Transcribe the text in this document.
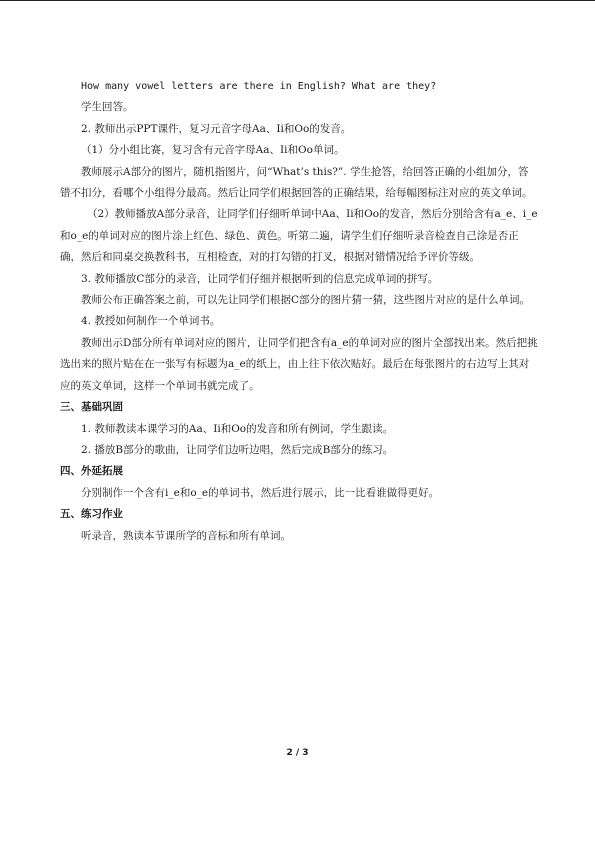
How many vowel letters are there in English? What are they?

学生回答。

2. 教师出示PPT课件，复习元音字母Aa、Ii和Oo的发音。

（1）分小组比赛，复习含有元音字母Aa、Ii和Oo单词。

教师展示A部分的图片，随机指图片，问“What’s this?”. 学生抢答，给回答正确的小组加分，答错不扣分，看哪个小组得分最高。然后让同学们根据回答的正确结果，给每幅图标注对应的英文单词。

（2）教师播放A部分录音，让同学们仔细听单词中Aa、Ii和Oo的发音，然后分别给含有a_e、i_e和o_e的单词对应的图片涂上红色、绿色、黄色。听第二遍，请学生们仔细听录音检查自己涂是否正确，然后和同桌交换教科书，互相检查，对的打勾错的打叉，根据对错情况给予评价等级。

3. 教师播放C部分的录音，让同学们仔细并根据听到的信息完成单词的拼写。

教师公布正确答案之前，可以先让同学们根据C部分的图片猜一猜，这些图片对应的是什么单词。

4. 教授如何制作一个单词书。

教师出示D部分所有单词对应的图片，让同学们把含有a_e的单词对应的图片全部找出来。然后把挑选出来的照片贴在在一张写有标题为a_e的纸上，由上往下依次贴好。最后在每张图片的右边写上其对应的英文单词，这样一个单词书就完成了。

三、基础巩固

1. 教师教读本课学习的Aa、Ii和Oo的发音和所有例词，学生跟读。

2. 播放B部分的歌曲，让同学们边听边唱，然后完成B部分的练习。

四、外延拓展

分别制作一个含有i_e和o_e的单词书，然后进行展示，比一比看谁做得更好。

五、练习作业

听录音，熟读本节课所学的音标和所有单词。

2 / 3
